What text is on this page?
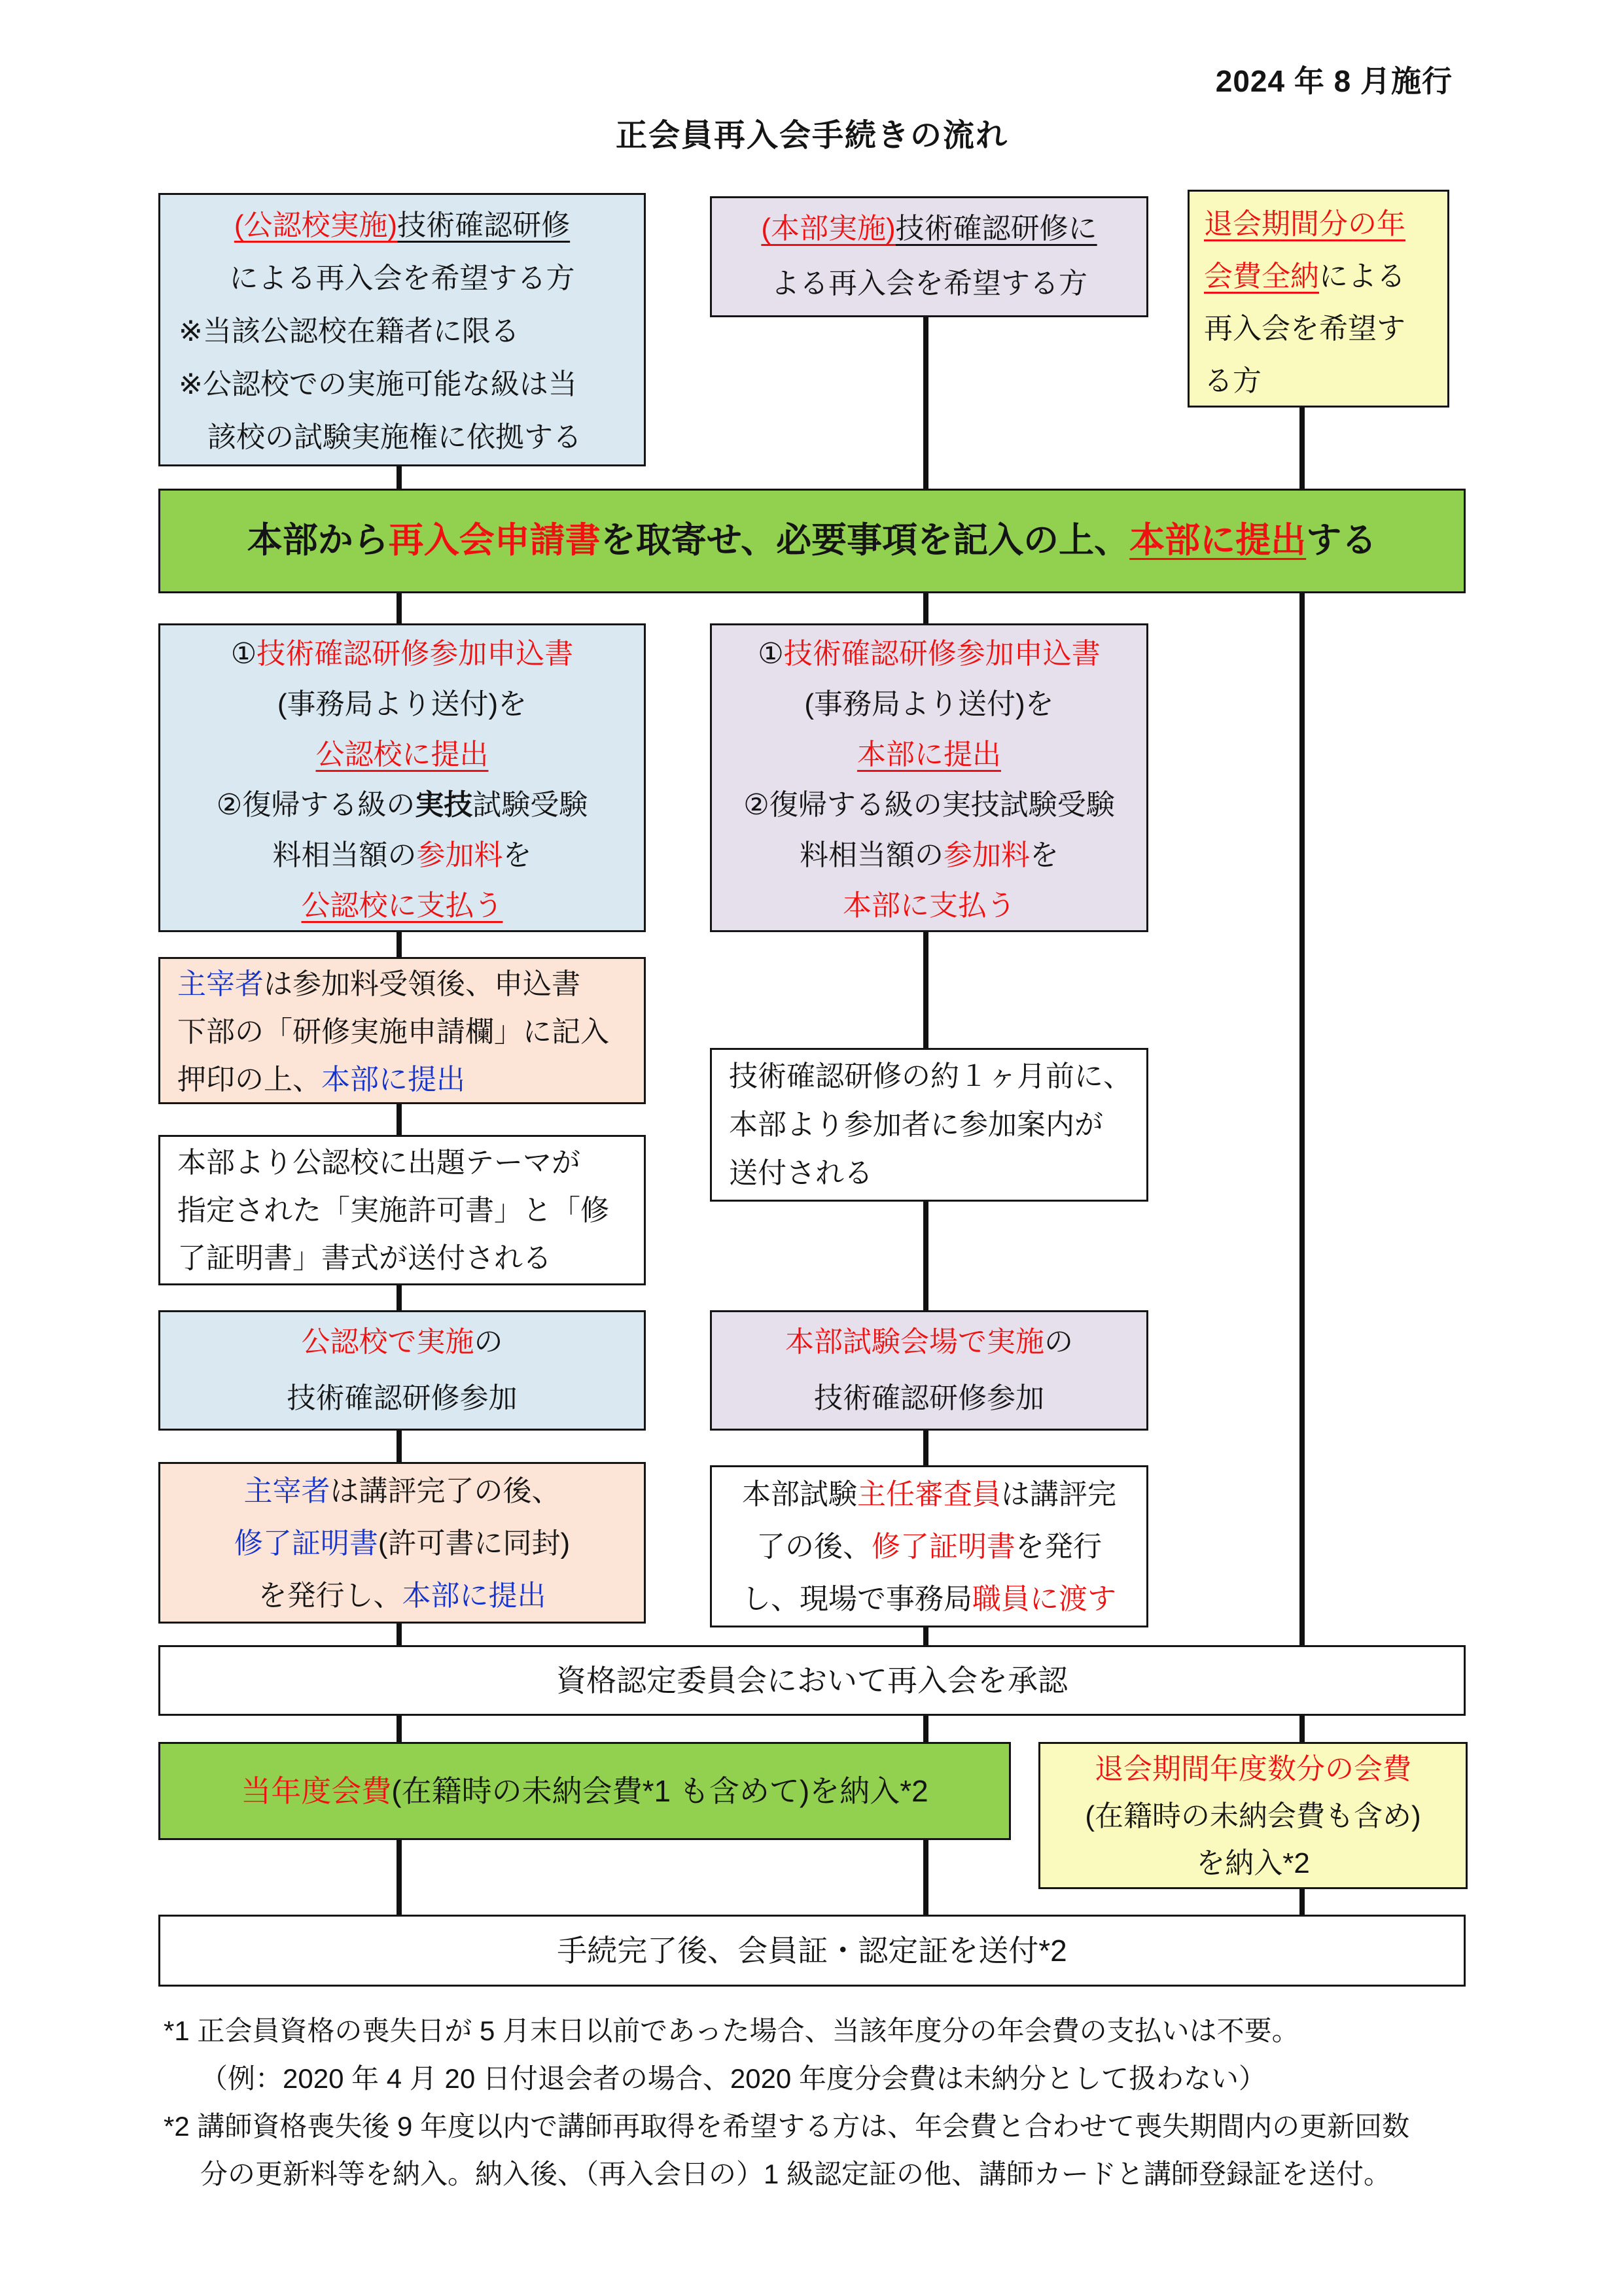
2024 年 8 月施行
正会員再入会手続きの流れ
(公認校実施)技術確認研修
による再入会を希望する方
※当該公認校在籍者に限る
※公認校での実施可能な級は当
該校の試験実施権に依拠する
(本部実施)技術確認研修に
よる再入会を希望する方
退会期間分の年
会費全納による
再入会を希望す
る方
本部から再入会申請書を取寄せ、必要事項を記入の上、本部に提出する
①技術確認研修参加申込書
(事務局より送付)を
公認校に提出
②復帰する級の実技試験受験
料相当額の参加料を
公認校に支払う
①技術確認研修参加申込書
(事務局より送付)を
本部に提出
②復帰する級の実技試験受験
料相当額の参加料を
本部に支払う
主宰者は参加料受領後、申込書
下部の「研修実施申請欄」に記入
押印の上、本部に提出	技術確認研修の約１ヶ月前に、
本部より参加者に参加案内が
送付される
本部より公認校に出題テーマが
指定された「実施許可書」と「修
了証明書」書式が送付される
公認校で実施の
技術確認研修参加
本部試験会場で実施の
技術確認研修参加
主宰者は講評完了の後、
修了証明書(許可書に同封)
を発行し、本部に提出
本部試験主任審査員は講評完
了の後、修了証明書を発行
し、現場で事務局職員に渡す
資格認定委員会において再入会を承認
当年度会費(在籍時の未納会費*1 も含めて)を納入*2
退会期間年度数分の会費
(在籍時の未納会費も含め)
を納入*2
手続完了後、会員証・認定証を送付*2
*1 正会員資格の喪失日が 5 月末日以前であった場合、当該年度分の年会費の支払いは不要。
（例：2020 年 4 月 20 日付退会者の場合、2020 年度分会費は未納分として扱わない）
*2 講師資格喪失後 9 年度以内で講師再取得を希望する方は、年会費と合わせて喪失期間内の更新回数
分の更新料等を納入。納入後、（再入会日の）1 級認定証の他、講師カードと講師登録証を送付。
